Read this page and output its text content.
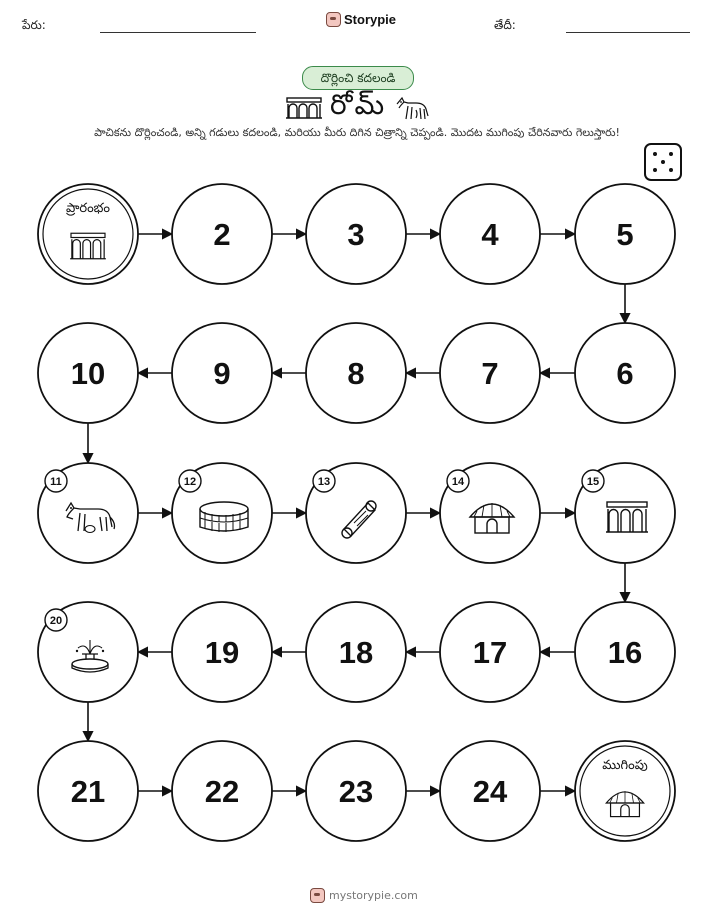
పేరు:	Storypie	తేదీ:
దొర్లించి కదలండి
రోమ్
పాచికను దొర్లించండి, అన్ని గడులు కదలండి, మరియు మీరు దిగిన చిత్రాన్ని చెప్పండి. మొదట ముగింపు చేరినవారు గెలుస్తారు!
ప్రారంభం
2	3	4	5
10	9	8	7	6
11	12	13	14	15
20
19	18	17	16
21	22	23	24
ముగింపు
mystorypie.com
